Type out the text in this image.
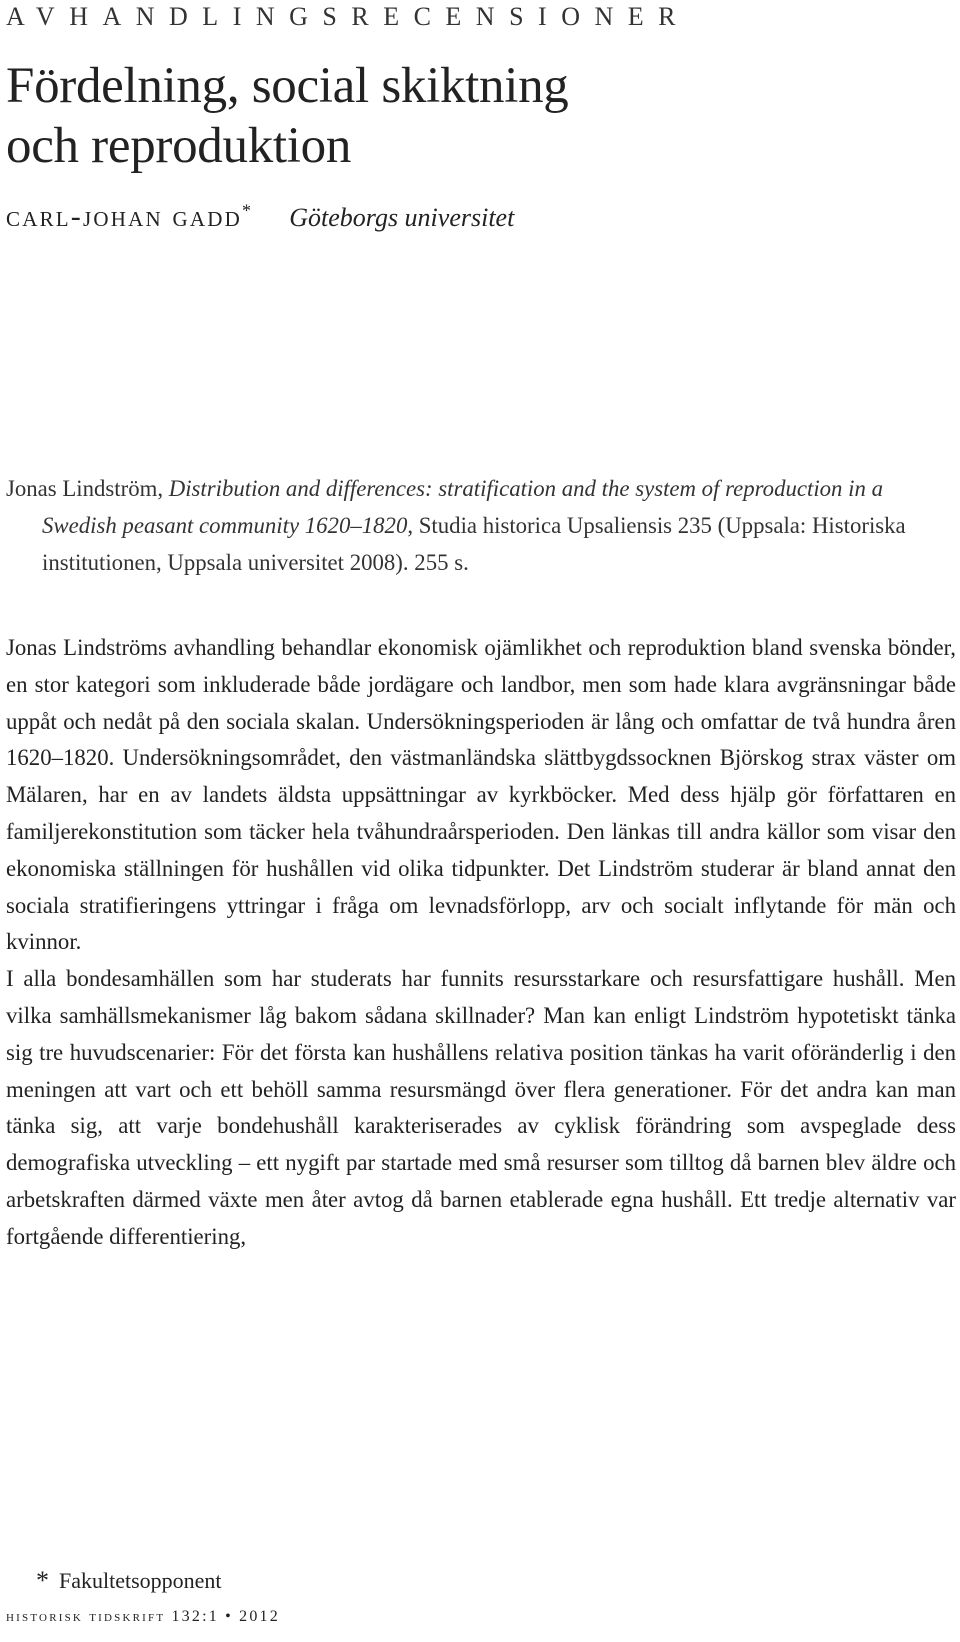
AVHANDLINGSRECENSIONER
Fördelning, social skiktning
och reproduktion
carl-johan gadd* Göteborgs universitet
Jonas Lindström, Distribution and differences: stratification and the system of reproduction in a Swedish peasant community 1620–1820, Studia historica Upsaliensis 235 (Uppsala: Historiska institutionen, Uppsala universitet 2008). 255 s.

Jonas Lindströms avhandling behandlar ekonomisk ojämlikhet och reproduktion bland svenska bönder, en stor kategori som inkluderade både jordägare och landbor, men som hade klara avgränsningar både uppåt och nedåt på den sociala skalan. Undersökningsperioden är lång och omfattar de två hundra åren 1620–1820. Undersökningsområdet, den västmanländska slättbygdssocknen Björskog strax väster om Mälaren, har en av landets äldsta uppsättningar av kyrkböcker. Med dess hjälp gör författaren en familjerekonstitution som täcker hela tvåhundraårsperioden. Den länkas till andra källor som visar den ekonomiska ställningen för hushållen vid olika tidpunkter. Det Lindström studerar är bland annat den sociala stratifieringens yttringar i fråga om levnadsförlopp, arv och socialt inflytande för män och kvinnor.

I alla bondesamhällen som har studerats har funnits resursstarkare och resursfattigare hushåll. Men vilka samhällsmekanismer låg bakom sådana skillnader? Man kan enligt Lindström hypotetiskt tänka sig tre huvudscenarier: För det första kan hushållens relativa position tänkas ha varit oföränderlig i den meningen att vart och ett behöll samma resursmängd över flera generationer. För det andra kan man tänka sig, att varje bondehushåll karakteriserades av cyklisk förändring som avspeglade dess demografiska utveckling – ett nygift par startade med små resurser som tilltog då barnen blev äldre och arbetskraften därmed växte men åter avtog då barnen etablerade egna hushåll. Ett tredje alternativ var fortgående differentiering,

* Fakultetsopponent
historisk tidskrift 132:1 • 2012
